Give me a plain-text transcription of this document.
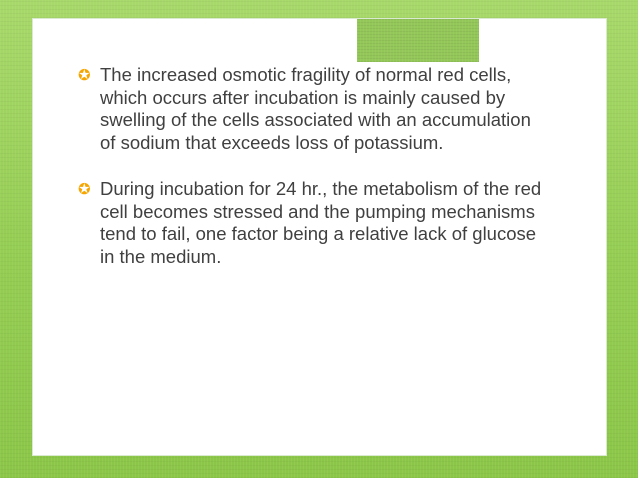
✪ The increased osmotic fragility of normal red cells, which occurs after incubation is mainly caused by swelling of the cells associated with an accumulation of sodium that exceeds loss of potassium.
✪ During incubation for 24 hr., the metabolism of the red cell becomes stressed and the pumping mechanisms tend to fail, one factor being a relative lack of glucose in the medium.
